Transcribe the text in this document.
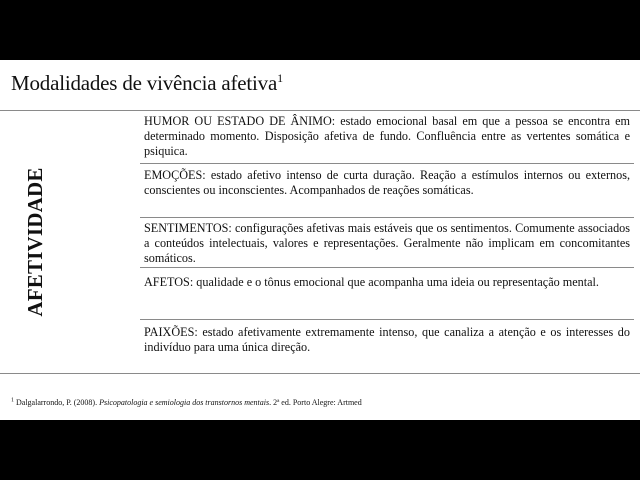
Modalidades de vivência afetiva$^1$
AFETIVIDADE
HUMOR OU ESTADO DE ÂNIMO: estado emocional basal em que a pessoa se encontra em determinado momento. Disposição afetiva de fundo. Confluência entre as vertentes somática e psiquica.
EMOÇÕES: estado afetivo intenso de curta duração. Reação a estímulos internos ou externos, conscientes ou inconscientes. Acompanhados de reações somáticas.
SENTIMENTOS: configurações afetivas mais estáveis que os sentimentos. Comumente associados a conteúdos intelectuais, valores e representações. Geralmente não implicam em concomitantes somáticos.
AFETOS: qualidade e o tônus emocional que acompanha uma ideia ou representação mental.
PAIXÕES: estado afetivamente extremamente intenso, que canaliza a atenção e os interesses do indivíduo para uma única direção.
$^1$ Dalgalarrondo, P. (2008). Psicopatologia e semiologia dos transtornos mentais. 2ª ed. Porto Alegre: Artmed
